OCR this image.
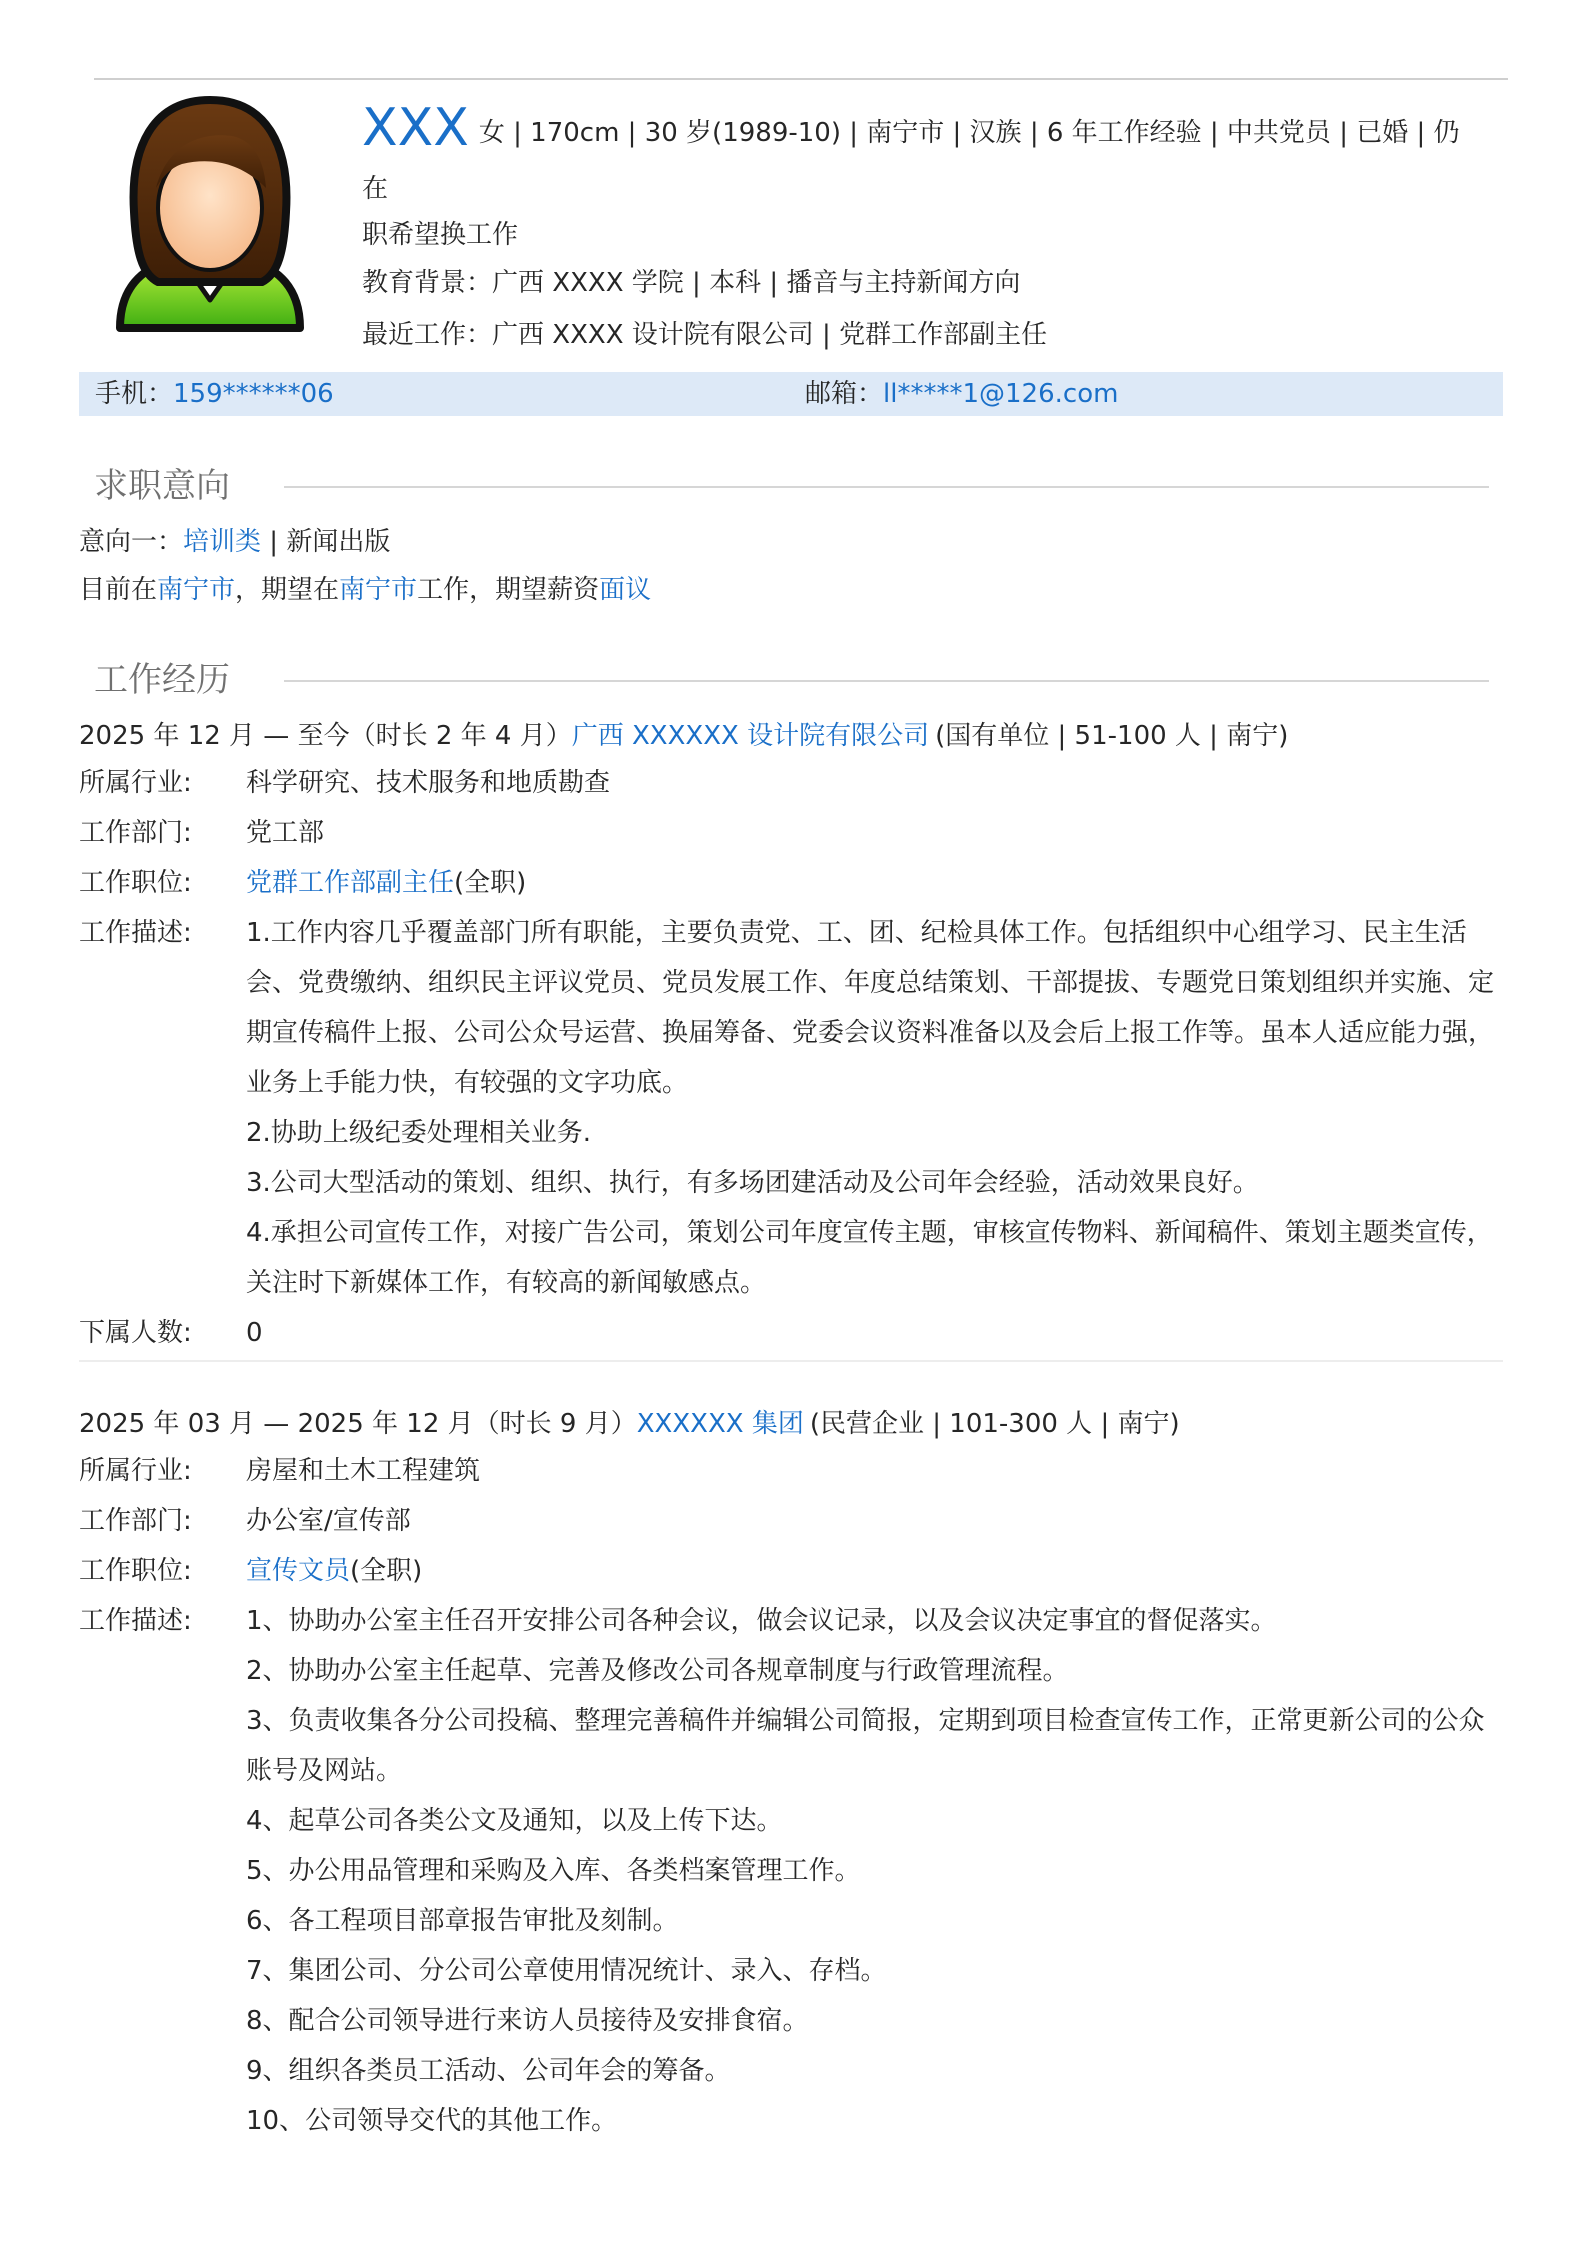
XXX 女 | 170cm | 30 岁(1989-10) | 南宁市 | 汉族 | 6 年工作经验 | 中共党员 | 已婚 | 仍在
职希望换工作
教育背景：广西 XXXX 学院 | 本科 | 播音与主持新闻方向
最近工作：广西 XXXX 设计院有限公司 | 党群工作部副主任
手机：159******06	邮箱：ll*****1@126.com
求职意向
意向一：培训类 | 新闻出版
目前在南宁市，期望在南宁市工作，期望薪资面议
工作经历
2025 年 12 月 — 至今（时长 2 年 4 月）广西 XXXXXX 设计院有限公司 (国有单位 | 51-100 人 | 南宁)
所属行业: 科学研究、技术服务和地质勘查
工作部门: 党工部
工作职位: 党群工作部副主任(全职)
工作描述: 1.工作内容几乎覆盖部门所有职能，主要负责党、工、团、纪检具体工作。包括组织中心组学习、民主生活会、党费缴纳、组织民主评议党员、党员发展工作、年度总结策划、干部提拔、专题党日策划组织并实施、定期宣传稿件上报、公司公众号运营、换届筹备、党委会议资料准备以及会后上报工作等。虽本人适应能力强，业务上手能力快，有较强的文字功底。

2.协助上级纪委处理相关业务.

3.公司大型活动的策划、组织、执行，有多场团建活动及公司年会经验，活动效果良好。

4.承担公司宣传工作，对接广告公司，策划公司年度宣传主题，审核宣传物料、新闻稿件、策划主题类宣传，关注时下新媒体工作，有较高的新闻敏感点。

下属人数: 0
2025 年 03 月 — 2025 年 12 月（时长 9 月）XXXXXX 集团 (民营企业 | 101-300 人 | 南宁)
所属行业: 房屋和土木工程建筑
工作部门: 办公室/宣传部
工作职位: 宣传文员(全职)
工作描述: 1、协助办公室主任召开安排公司各种会议，做会议记录，以及会议决定事宜的督促落实。

2、协助办公室主任起草、完善及修改公司各规章制度与行政管理流程。

3、负责收集各分公司投稿、整理完善稿件并编辑公司简报，定期到项目检查宣传工作，正常更新公司的公众账号及网站。

4、起草公司各类公文及通知，以及上传下达。

5、办公用品管理和采购及入库、各类档案管理工作。

6、各工程项目部章报告审批及刻制。

7、集团公司、分公司公章使用情况统计、录入、存档。

8、配合公司领导进行来访人员接待及安排食宿。

9、组织各类员工活动、公司年会的筹备。

10、公司领导交代的其他工作。
